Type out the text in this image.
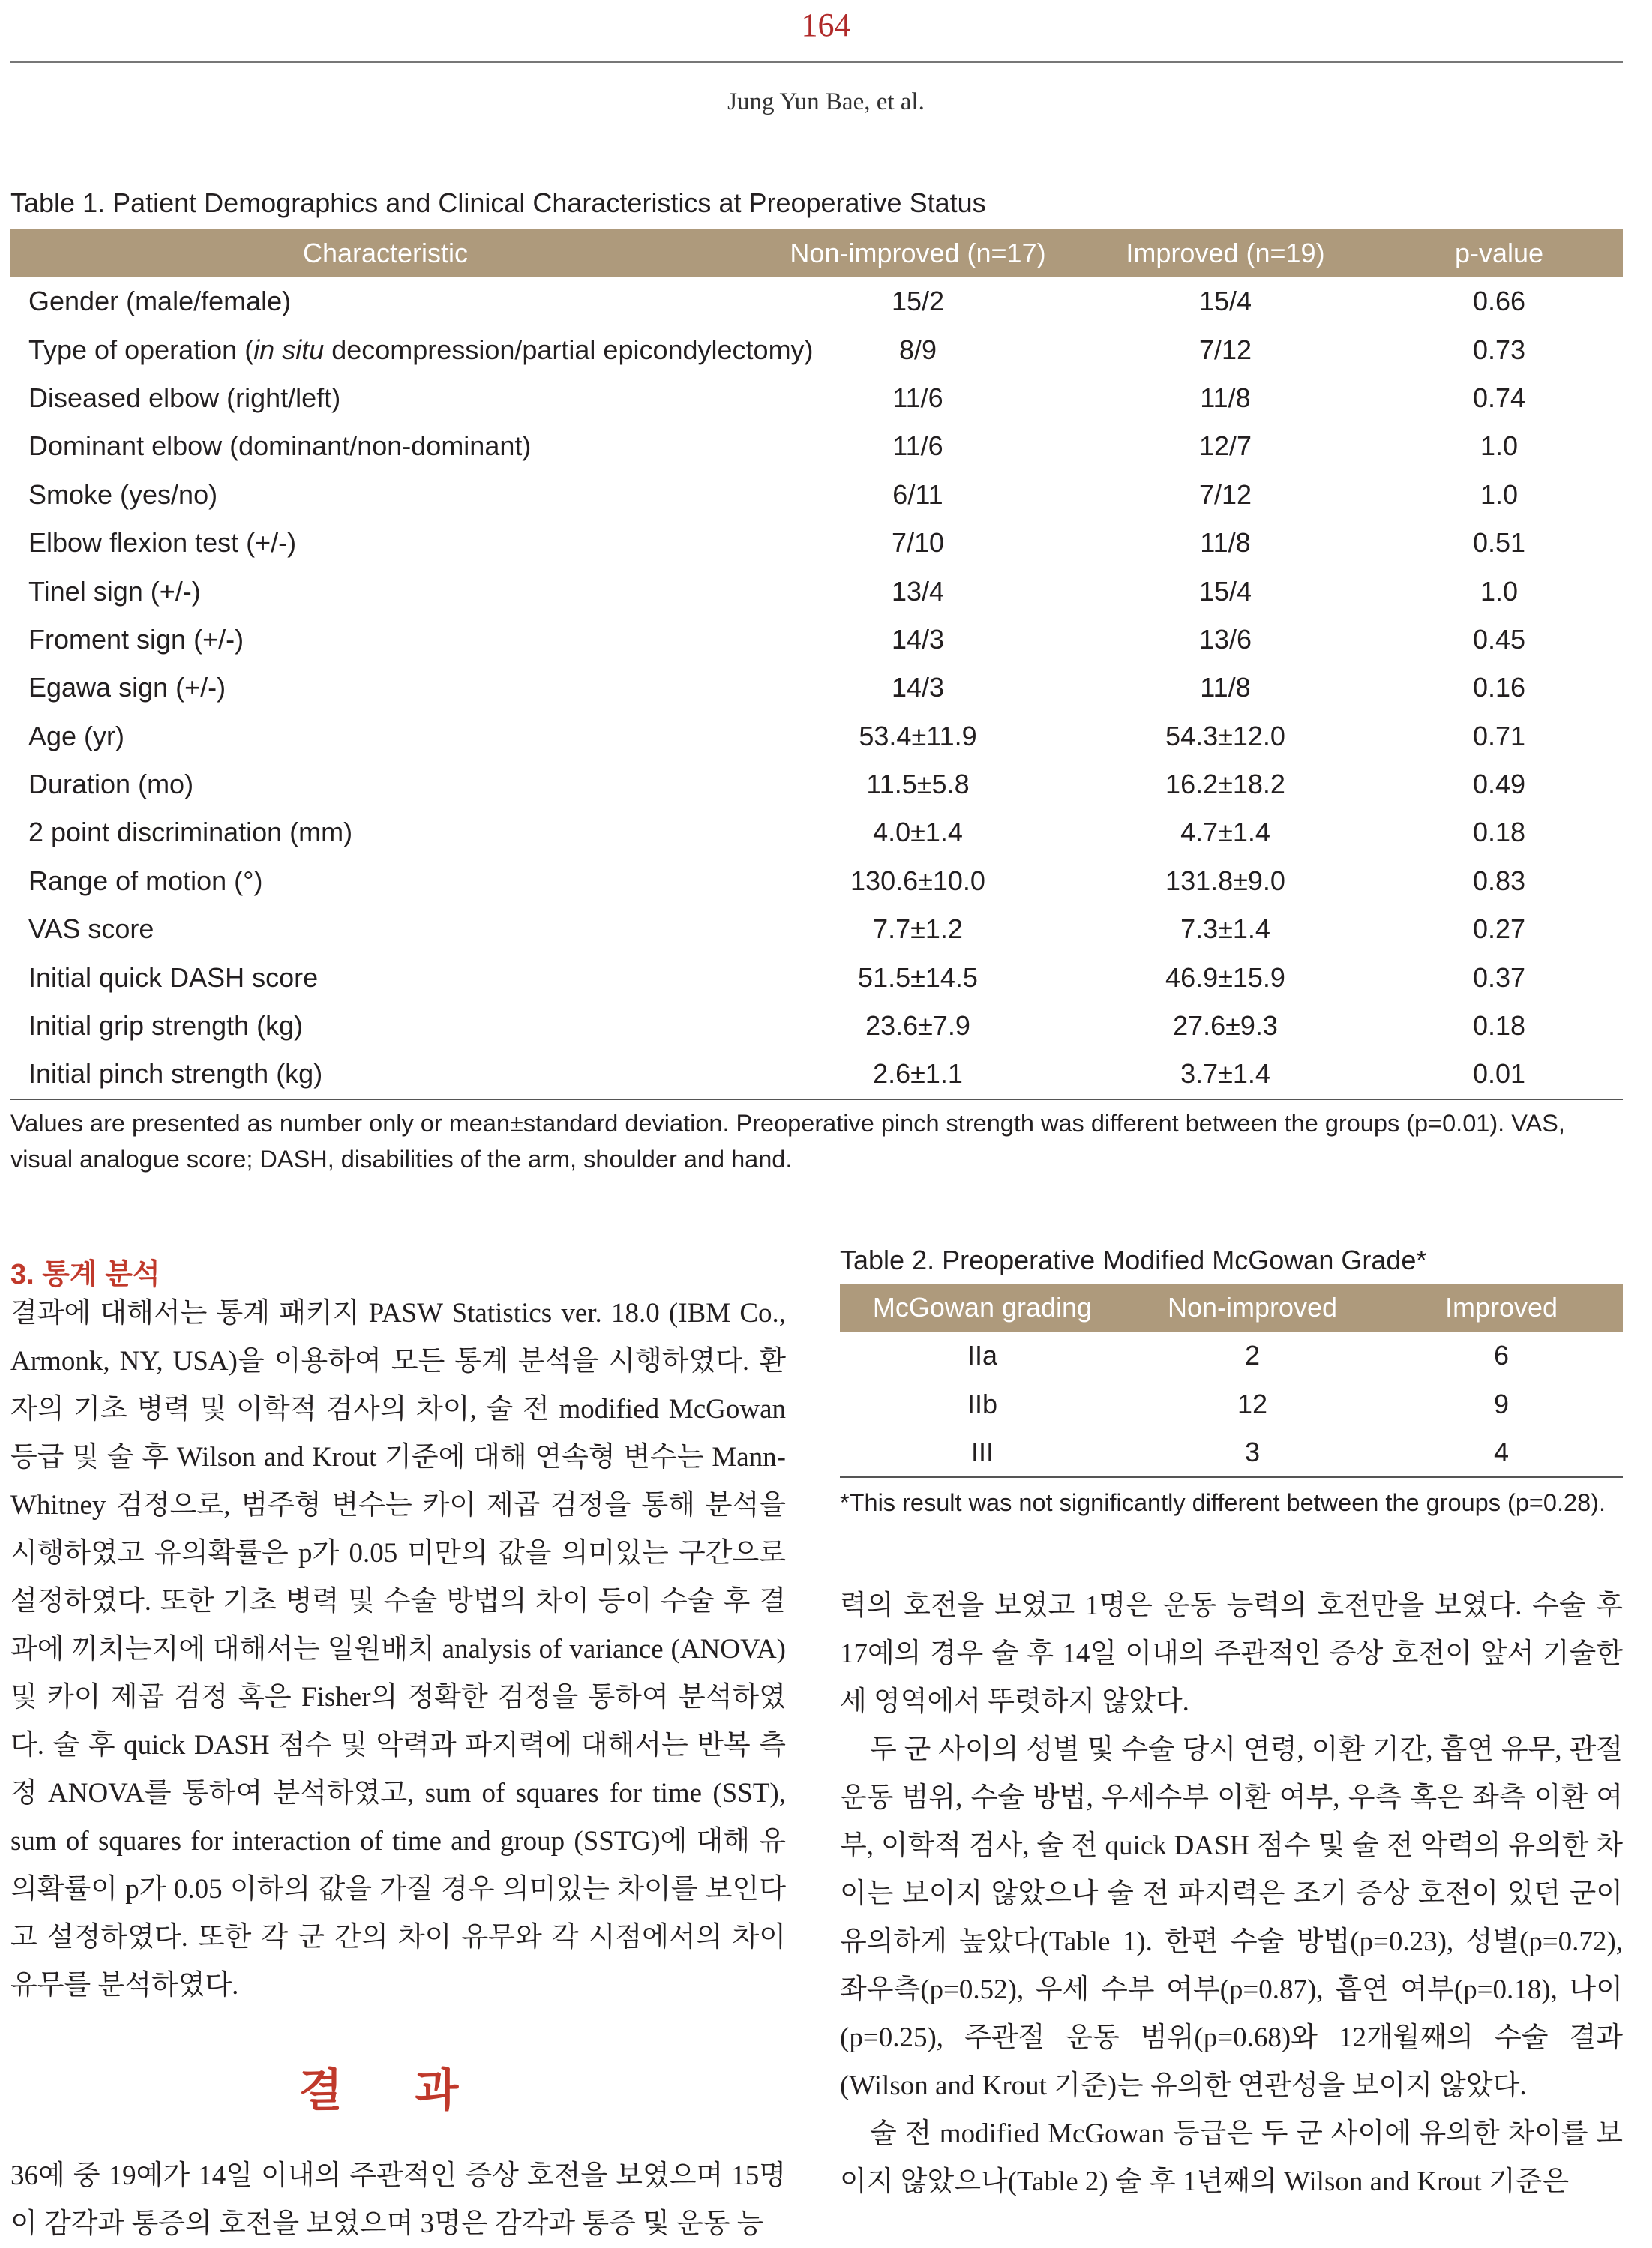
164
Jung Yun Bae, et al.
Table 1. Patient Demographics and Clinical Characteristics at Preoperative Status
Characteristic	Non-improved (n=17)	Improved (n=19)	p-value
Gender (male/female)	15/2	15/4	0.66
Type of operation (in situ decompression/partial epicondylectomy)	8/9	7/12	0.73
Diseased elbow (right/left)	11/6	11/8	0.74
Dominant elbow (dominant/non-dominant)	11/6	12/7	1.0
Smoke (yes/no)	6/11	7/12	1.0
Elbow flexion test (+/-)	7/10	11/8	0.51
Tinel sign (+/-)	13/4	15/4	1.0
Froment sign (+/-)	14/3	13/6	0.45
Egawa sign (+/-)	14/3	11/8	0.16
Age (yr)	53.4±11.9	54.3±12.0	0.71
Duration (mo)	11.5±5.8	16.2±18.2	0.49
2 point discrimination (mm)	4.0±1.4	4.7±1.4	0.18
Range of motion (°)	130.6±10.0	131.8±9.0	0.83
VAS score	7.7±1.2	7.3±1.4	0.27
Initial quick DASH score	51.5±14.5	46.9±15.9	0.37
Initial grip strength (kg)	23.6±7.9	27.6±9.3	0.18
Initial pinch strength (kg)	2.6±1.1	3.7±1.4	0.01
Values are presented as number only or mean±standard deviation. Preoperative pinch strength was different between the groups (p=0.01). VAS,
visual analogue score; DASH, disabilities of the arm, shoulder and hand.
3. 통계 분석

결과에 대해서는 통계 패키지 PASW Statistics ver. 18.0 (IBM Co., Armonk, NY, USA)을 이용하여 모든 통계 분석을 시행하였다. 환자의 기초 병력 및 이학적 검사의 차이, 술 전 modified McGowan 등급 및 술 후 Wilson and Krout 기준에 대해 연속형 변수는 Mann-Whitney 검정으로, 범주형 변수는 카이 제곱 검정을 통해 분석을 시행하였고 유의확률은 p가 0.05 미만의 값을 의미있는 구간으로 설정하였다. 또한 기초 병력 및 수술 방법의 차이 등이 수술 후 결과에 끼치는지에 대해서는 일원배치 analysis of variance (ANOVA) 및 카이 제곱 검정 혹은 Fisher의 정확한 검정을 통하여 분석하였다. 술 후 quick DASH 점수 및 악력과 파지력에 대해서는 반복 측정 ANOVA를 통하여 분석하였고, sum of squares for time (SST), sum of squares for interaction of time and group (SSTG)에 대해 유의확률이 p가 0.05 이하의 값을 가질 경우 의미있는 차이를 보인다고 설정하였다. 또한 각 군 간의 차이 유무와 각 시점에서의 차이 유무를 분석하였다.

결 과

36예 중 19예가 14일 이내의 주관적인 증상 호전을 보였으며 15명이 감각과 통증의 호전을 보였으며 3명은 감각과 통증 및 운동 능

Table 2. Preoperative Modified McGowan Grade*
McGowan grading	Non-improved	Improved
IIa	2	6
IIb	12	9
III	3	4
*This result was not significantly different between the groups (p=0.28).

력의 호전을 보였고 1명은 운동 능력의 호전만을 보였다. 수술 후 17예의 경우 술 후 14일 이내의 주관적인 증상 호전이 앞서 기술한 세 영역에서 뚜렷하지 않았다.

두 군 사이의 성별 및 수술 당시 연령, 이환 기간, 흡연 유무, 관절 운동 범위, 수술 방법, 우세수부 이환 여부, 우측 혹은 좌측 이환 여부, 이학적 검사, 술 전 quick DASH 점수 및 술 전 악력의 유의한 차이는 보이지 않았으나 술 전 파지력은 조기 증상 호전이 있던 군이 유의하게 높았다(Table 1). 한편 수술 방법(p=0.23), 성별(p=0.72), 좌우측(p=0.52), 우세 수부 여부(p=0.87), 흡연 여부(p=0.18), 나이(p=0.25), 주관절 운동 범위(p=0.68)와 12개월째의 수술 결과(Wilson and Krout 기준)는 유의한 연관성을 보이지 않았다.

술 전 modified McGowan 등급은 두 군 사이에 유의한 차이를 보이지 않았으나(Table 2) 술 후 1년째의 Wilson and Krout 기준은
